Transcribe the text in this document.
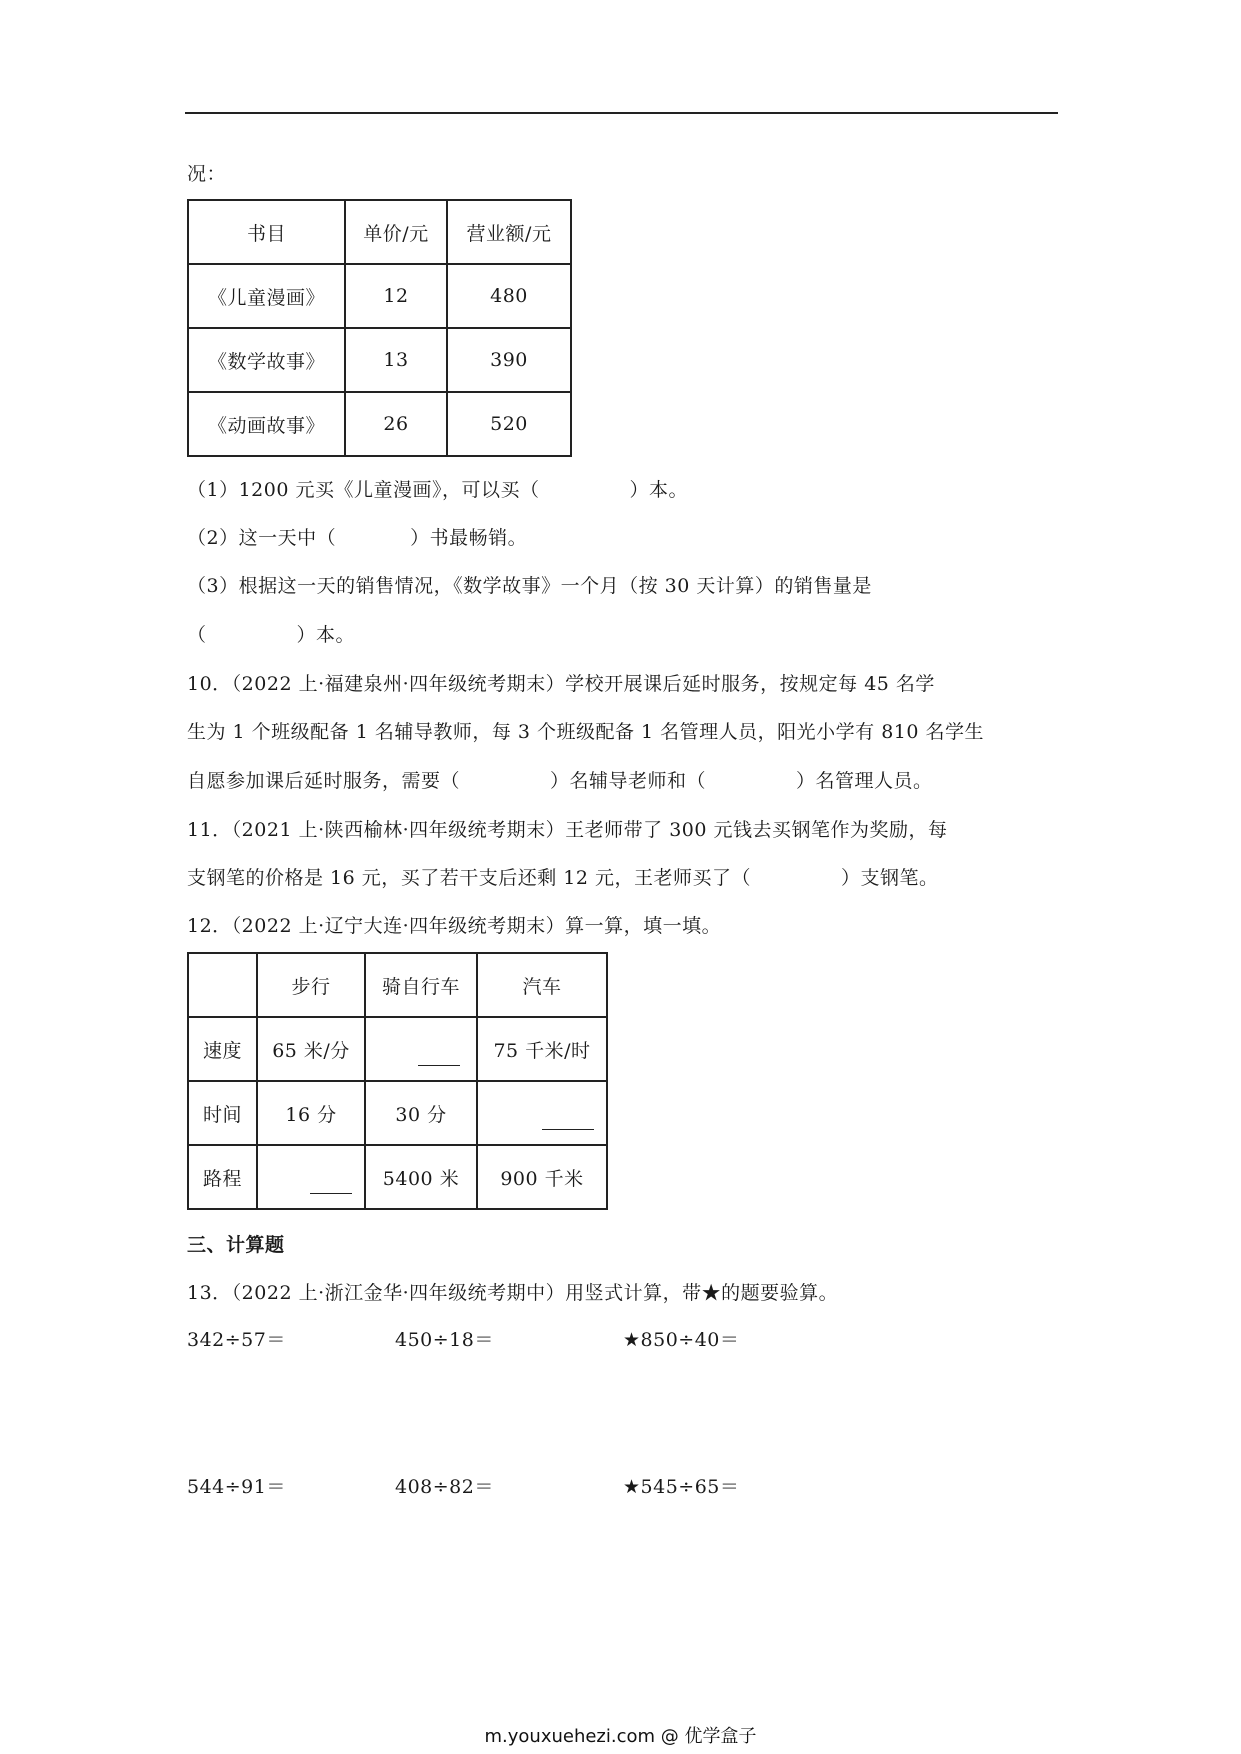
况：
书目	单价/元	营业额/元
《儿童漫画》	12	480
《数学故事》	13	390
《动画故事》	26	520
（1）1200 元买《儿童漫画》，可以买（	）本。
（2）这一天中（	）书最畅销。
（3）根据这一天的销售情况，《数学故事》一个月（按 30 天计算）的销售量是
（	）本。
10．（2022 上·福建泉州·四年级统考期末）学校开展课后延时服务，按规定每 45 名学
生为 1 个班级配备 1 名辅导教师，每 3 个班级配备 1 名管理人员，阳光小学有 810 名学生
自愿参加课后延时服务，需要（	）名辅导老师和（	）名管理人员。
11．（2021 上·陕西榆林·四年级统考期末）王老师带了 300 元钱去买钢笔作为奖励，每
支钢笔的价格是 16 元，买了若干支后还剩 12 元，王老师买了（	）支钢笔。
12．（2022 上·辽宁大连·四年级统考期末）算一算，填一填。
	步行	骑自行车	汽车
速度	65 米/分		75 千米/时
时间	16 分	30 分	

路程		5400 米	900 千米
三、计算题
13．（2022 上·浙江金华·四年级统考期中）用竖式计算，带★的题要验算。
342÷57＝	450÷18＝	★850÷40＝
544÷91＝	408÷82＝	★545÷65＝
m.youxuehezi.com @ 优学盒子
